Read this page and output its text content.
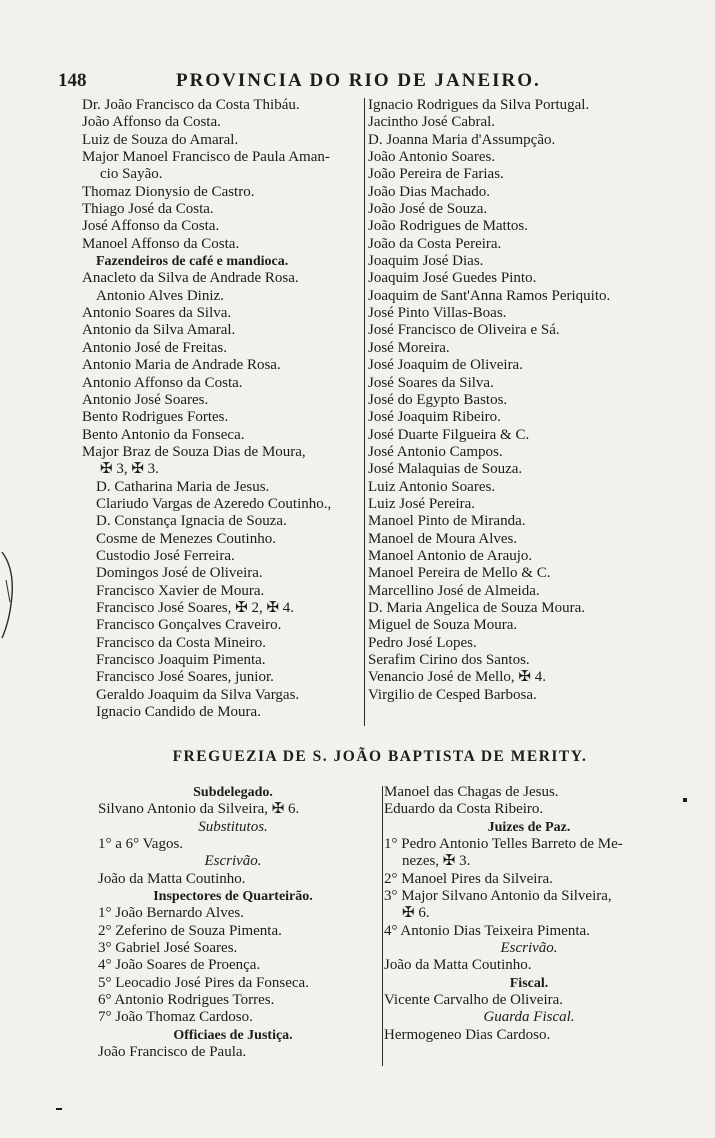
148	PROVINCIA DO RIO DE JANEIRO.
Dr. João Francisco da Costa Thibáu.
João Affonso da Costa.
Luiz de Souza do Amaral.
Major Manoel Francisco de Paula Aman-
cio Sayão.
Thomaz Dionysio de Castro.
Thiago José da Costa.
José Affonso da Costa.
Manoel Affonso da Costa.
Fazendeiros de café e mandioca.
Anacleto da Silva de Andrade Rosa.
Antonio Alves Diniz.
Antonio Soares da Silva.
Antonio da Silva Amaral.
Antonio José de Freitas.
Antonio Maria de Andrade Rosa.
Antonio Affonso da Costa.
Antonio José Soares.
Bento Rodrigues Fortes.
Bento Antonio da Fonseca.
Major Braz de Souza Dias de Moura,
✠ 3, ✠ 3.
D. Catharina Maria de Jesus.
Clariudo Vargas de Azeredo Coutinho.,
D. Constança Ignacia de Souza.
Cosme de Menezes Coutinho.
Custodio José Ferreira.
Domingos José de Oliveira.
Francisco Xavier de Moura.
Francisco José Soares, ✠ 2, ✠ 4.
Francisco Gonçalves Craveiro.
Francisco da Costa Mineiro.
Francisco Joaquim Pimenta.
Francisco José Soares, junior.
Geraldo Joaquim da Silva Vargas.
Ignacio Candido de Moura.
Ignacio Rodrigues da Silva Portugal.
Jacintho José Cabral.
D. Joanna Maria d'Assumpção.
João Antonio Soares.
João Pereira de Farias.
João Dias Machado.
João José de Souza.
João Rodrigues de Mattos.
João da Costa Pereira.
Joaquim José Dias.
Joaquim José Guedes Pinto.
Joaquim de Sant'Anna Ramos Periquito.
José Pinto Villas-Boas.
José Francisco de Oliveira e Sá.
José Moreira.
José Joaquim de Oliveira.
José Soares da Silva.
José do Egypto Bastos.
José Joaquim Ribeiro.
José Duarte Filgueira & C.
José Antonio Campos.
José Malaquias de Souza.
Luiz Antonio Soares.
Luiz José Pereira.
Manoel Pinto de Miranda.
Manoel de Moura Alves.
Manoel Antonio de Araujo.
Manoel Pereira de Mello & C.
Marcellino José de Almeida.
D. Maria Angelica de Souza Moura.
Miguel de Souza Moura.
Pedro José Lopes.
Serafim Cirino dos Santos.
Venancio José de Mello, ✠ 4.
Virgilio de Cesped Barbosa.
FREGUEZIA DE S. JOÃO BAPTISTA DE MERITY.
Subdelegado.
Silvano Antonio da Silveira, ✠ 6.
Substitutos.
1° a 6° Vagos.
Escrivão.
João da Matta Coutinho.
Inspectores de Quarteirão.
1° João Bernardo Alves.
2° Zeferino de Souza Pimenta.
3° Gabriel José Soares.
4° João Soares de Proença.
5° Leocadio José Pires da Fonseca.
6° Antonio Rodrigues Torres.
7° João Thomaz Cardoso.
Officiaes de Justiça.
João Francisco de Paula.
Manoel das Chagas de Jesus.
Eduardo da Costa Ribeiro.
Juizes de Paz.
1° Pedro Antonio Telles Barreto de Me-
nezes, ✠ 3.
2° Manoel Pires da Silveira.
3° Major Silvano Antonio da Silveira,
✠ 6.
4° Antonio Dias Teixeira Pimenta.
Escrivão.
João da Matta Coutinho.
Fiscal.
Vicente Carvalho de Oliveira.
Guarda Fiscal.
Hermogeneo Dias Cardoso.
